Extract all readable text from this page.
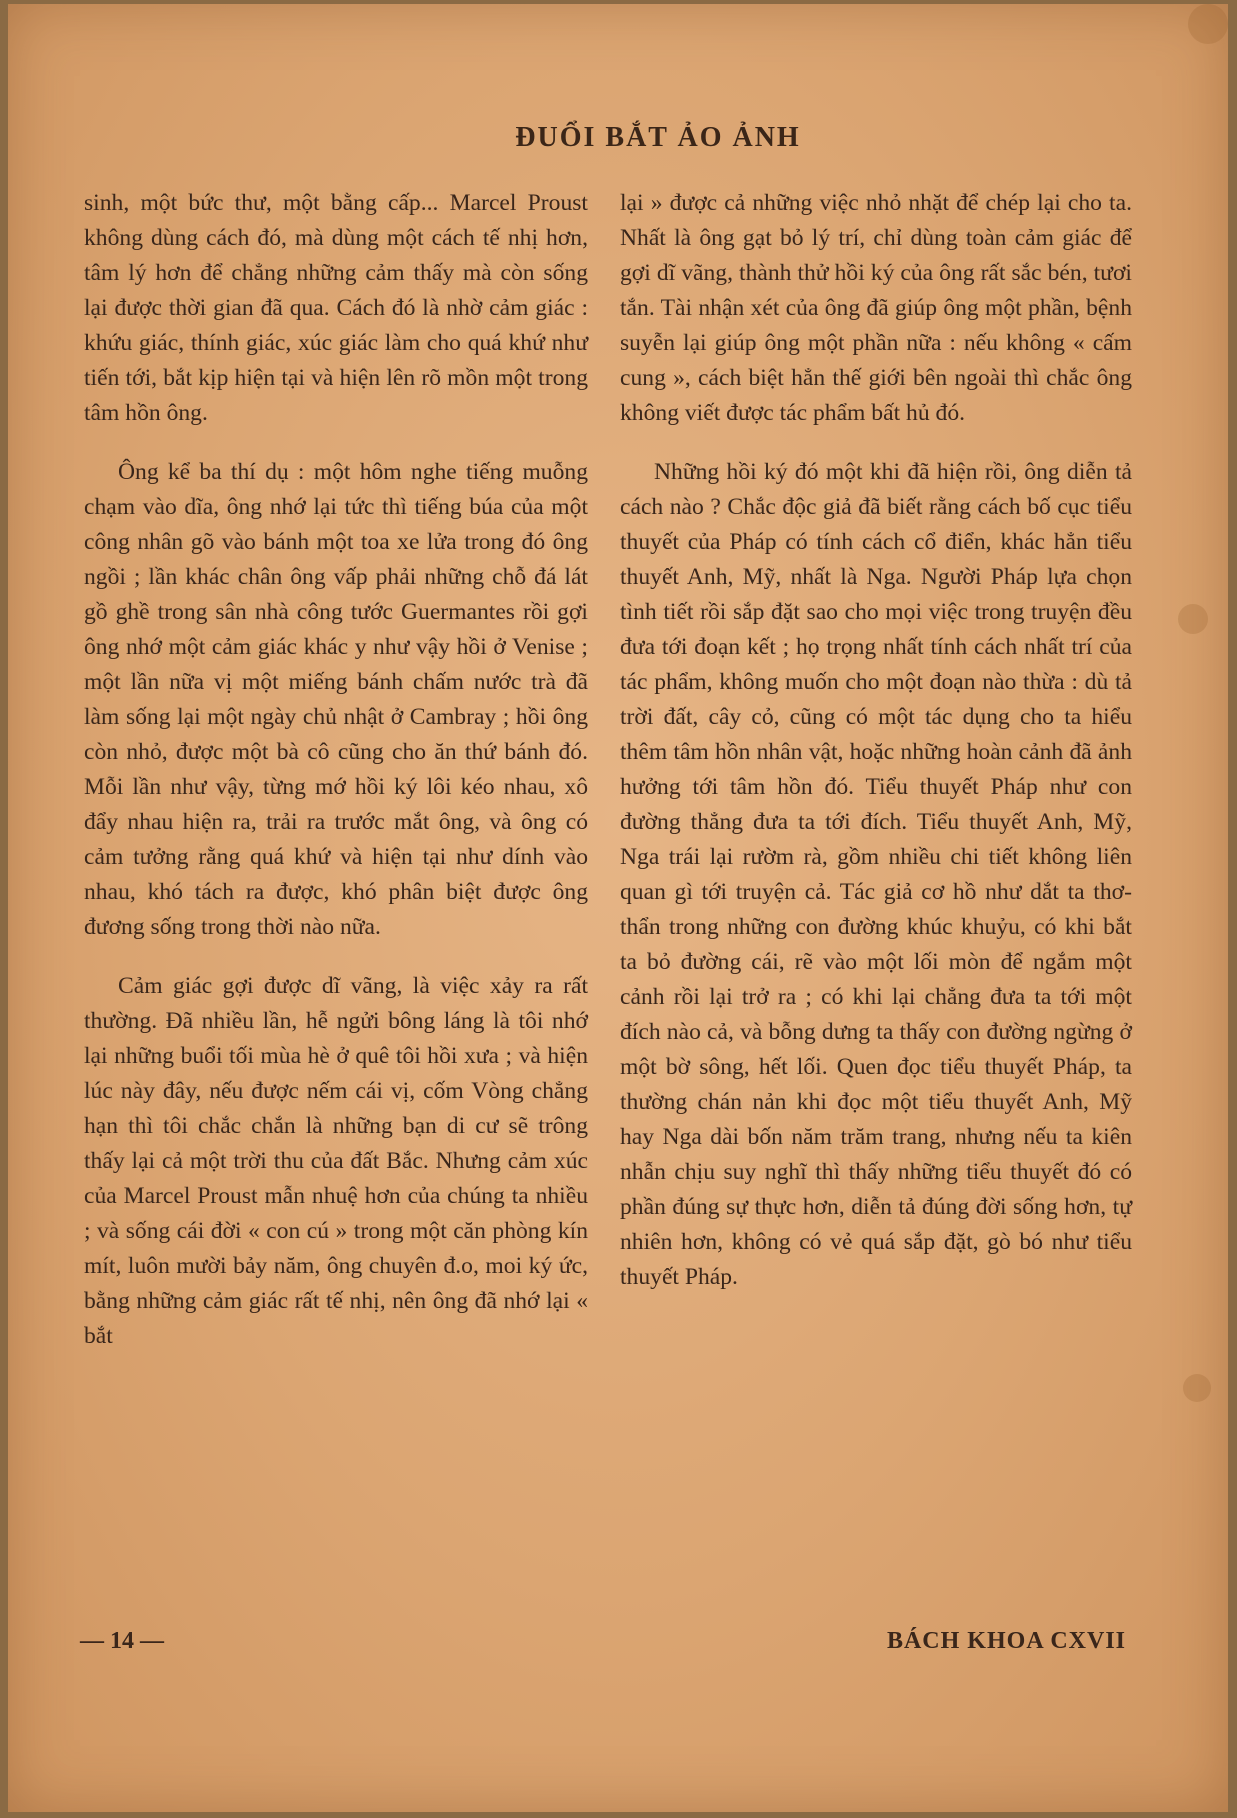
ĐUỔI BẮT ẢO ẢNH

sinh, một bức thư, một bằng cấp... Marcel Proust không dùng cách đó, mà dùng một cách tế nhị hơn, tâm lý hơn để chẳng những cảm thấy mà còn sống lại được thời gian đã qua. Cách đó là nhờ cảm giác : khứu giác, thính giác, xúc giác làm cho quá khứ như tiến tới, bắt kịp hiện tại và hiện lên rõ mồn một trong tâm hồn ông.

Ông kể ba thí dụ : một hôm nghe tiếng muỗng chạm vào dĩa, ông nhớ lại tức thì tiếng búa của một công nhân gõ vào bánh một toa xe lửa trong đó ông ngồi ; lần khác chân ông vấp phải những chỗ đá lát gồ ghề trong sân nhà công tước Guermantes rồi gợi ông nhớ một cảm giác khác y như vậy hồi ở Venise ; một lần nữa vị một miếng bánh chấm nước trà đã làm sống lại một ngày chủ nhật ở Cambray ; hồi ông còn nhỏ, được một bà cô cũng cho ăn thứ bánh đó. Mỗi lần như vậy, từng mớ hồi ký lôi kéo nhau, xô đẩy nhau hiện ra, trải ra trước mắt ông, và ông có cảm tưởng rằng quá khứ và hiện tại như dính vào nhau, khó tách ra được, khó phân biệt được ông đương sống trong thời nào nữa.

Cảm giác gợi được dĩ vãng, là việc xảy ra rất thường. Đã nhiều lần, hễ ngửi bông láng là tôi nhớ lại những buổi tối mùa hè ở quê tôi hồi xưa ; và hiện lúc này đây, nếu được nếm cái vị, cốm Vòng chẳng hạn thì tôi chắc chắn là những bạn di cư sẽ trông thấy lại cả một trời thu của đất Bắc. Nhưng cảm xúc của Marcel Proust mẫn nhuệ hơn của chúng ta nhiều ; và sống cái đời « con cú » trong một căn phòng kín mít, luôn mười bảy năm, ông chuyên đ.o, moi ký ức, bằng những cảm giác rất tế nhị, nên ông đã nhớ lại « bắt

lại » được cả những việc nhỏ nhặt để chép lại cho ta. Nhất là ông gạt bỏ lý trí, chỉ dùng toàn cảm giác để gợi dĩ vãng, thành thử hồi ký của ông rất sắc bén, tươi tắn. Tài nhận xét của ông đã giúp ông một phần, bệnh suyễn lại giúp ông một phần nữa : nếu không « cấm cung », cách biệt hẳn thế giới bên ngoài thì chắc ông không viết được tác phẩm bất hủ đó.

Những hồi ký đó một khi đã hiện rồi, ông diễn tả cách nào ? Chắc độc giả đã biết rằng cách bố cục tiểu thuyết của Pháp có tính cách cổ điển, khác hẳn tiểu thuyết Anh, Mỹ, nhất là Nga. Người Pháp lựa chọn tình tiết rồi sắp đặt sao cho mọi việc trong truyện đều đưa tới đoạn kết ; họ trọng nhất tính cách nhất trí của tác phẩm, không muốn cho một đoạn nào thừa : dù tả trời đất, cây cỏ, cũng có một tác dụng cho ta hiểu thêm tâm hồn nhân vật, hoặc những hoàn cảnh đã ảnh hưởng tới tâm hồn đó. Tiểu thuyết Pháp như con đường thẳng đưa ta tới đích. Tiểu thuyết Anh, Mỹ, Nga trái lại rườm rà, gồm nhiều chi tiết không liên quan gì tới truyện cả. Tác giả cơ hồ như dắt ta thơ-thẩn trong những con đường khúc khuỷu, có khi bắt ta bỏ đường cái, rẽ vào một lối mòn để ngắm một cảnh rồi lại trở ra ; có khi lại chẳng đưa ta tới một đích nào cả, và bỗng dưng ta thấy con đường ngừng ở một bờ sông, hết lối. Quen đọc tiểu thuyết Pháp, ta thường chán nản khi đọc một tiểu thuyết Anh, Mỹ hay Nga dài bốn năm trăm trang, nhưng nếu ta kiên nhẫn chịu suy nghĩ thì thấy những tiểu thuyết đó có phần đúng sự thực hơn, diễn tả đúng đời sống hơn, tự nhiên hơn, không có vẻ quá sắp đặt, gò bó như tiểu thuyết Pháp.

— 14 —	BÁCH KHOA CXVII
